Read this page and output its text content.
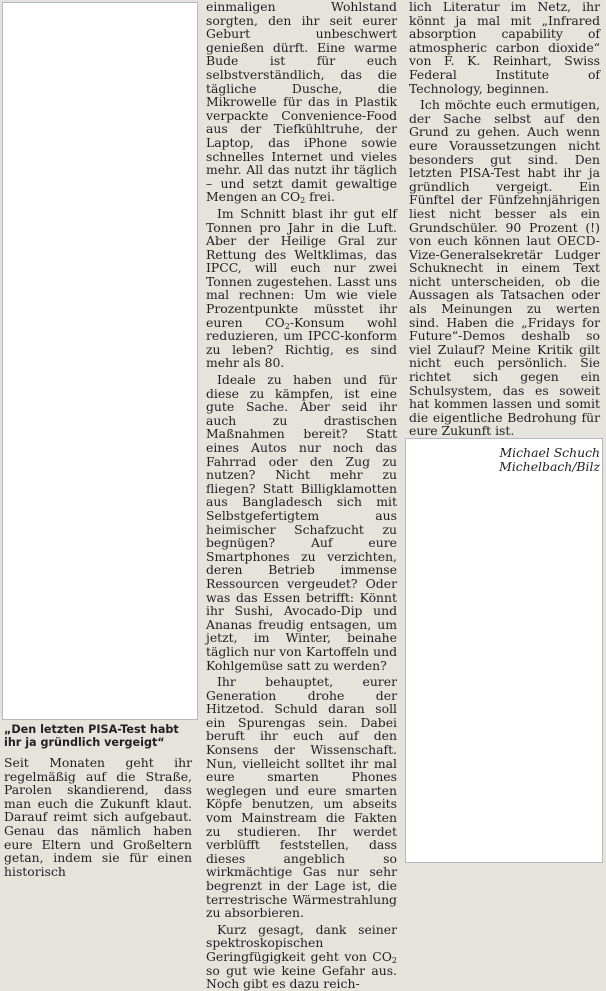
„Den letzten PISA-Test habt ihr ja gründlich vergeigt“

Seit Monaten geht ihr regelmäßig auf die Straße, Parolen skandierend, dass man euch die Zukunft klaut. Darauf reimt sich aufgebaut. Genau das nämlich haben eure Eltern und Großeltern getan, indem sie für einen historisch

einmaligen Wohlstand sorgten, den ihr seit eurer Geburt unbeschwert genießen dürft. Eine warme Bude ist für euch selbstverständlich, das die tägliche Dusche, die Mikrowelle für das in Plastik verpackte Convenience-Food aus der Tiefkühltruhe, der Laptop, das iPhone sowie schnelles Internet und vieles mehr. All das nutzt ihr täglich – und setzt damit gewaltige Mengen an $CO_2$ frei.

Im Schnitt blast ihr gut elf Tonnen pro Jahr in die Luft. Aber der Heilige Gral zur Rettung des Weltklimas, das IPCC, will euch nur zwei Tonnen zugestehen. Lasst uns mal rechnen: Um wie viele Prozentpunkte müsstet ihr euren $CO_2$-Konsum wohl reduzieren, um IPCC-konform zu leben? Richtig, es sind mehr als 80.

Ideale zu haben und für diese zu kämpfen, ist eine gute Sache. Aber seid ihr auch zu drastischen Maßnahmen bereit? Statt eines Autos nur noch das Fahrrad oder den Zug zu nutzen? Nicht mehr zu fliegen? Statt Billigklamotten aus Bangladesch sich mit Selbstgefertigtem aus heimischer Schafzucht zu begnügen? Auf eure Smartphones zu verzichten, deren Betrieb immense Ressourcen vergeudet? Oder was das Essen betrifft: Könnt ihr Sushi, Avocado-Dip und Ananas freudig entsagen, um jetzt, im Winter, beinahe täglich nur von Kartoffeln und Kohlgemüse satt zu werden?

Ihr behauptet, eurer Generation drohe der Hitzetod. Schuld daran soll ein Spurengas sein. Dabei beruft ihr euch auf den Konsens der Wissenschaft. Nun, vielleicht solltet ihr mal eure smarten Phones weglegen und eure smarten Köpfe benutzen, um abseits vom Mainstream die Fakten zu studieren. Ihr werdet verblüfft feststellen, dass dieses angeblich so wirkmächtige Gas nur sehr begrenzt in der Lage ist, die terrestrische Wärmestrahlung zu absorbieren.

Kurz gesagt, dank seiner spektroskopischen Geringfügigkeit geht von $CO_2$ so gut wie keine Gefahr aus. Noch gibt es dazu reich-

lich Literatur im Netz, ihr könnt ja mal mit „Infrared absorption capability of atmospheric carbon dioxide“ von F. K. Reinhart, Swiss Federal Institute of Technology, beginnen.

Ich möchte euch ermutigen, der Sache selbst auf den Grund zu gehen. Auch wenn eure Voraussetzungen nicht besonders gut sind. Den letzten PISA-Test habt ihr ja gründlich vergeigt. Ein Fünftel der Fünfzehnjährigen liest nicht besser als ein Grundschüler. 90 Prozent (!) von euch können laut OECD-Vize-Generalsekretär Ludger Schuknecht in einem Text nicht unterscheiden, ob die Aussagen als Tatsachen oder als Meinungen zu werten sind. Haben die „Fridays for Future“-Demos deshalb so viel Zulauf? Meine Kritik gilt nicht euch persönlich. Sie richtet sich gegen ein Schulsystem, das es soweit hat kommen lassen und somit die eigentliche Bedrohung für eure Zukunft ist.

Michael Schuch
Michelbach/Bilz
